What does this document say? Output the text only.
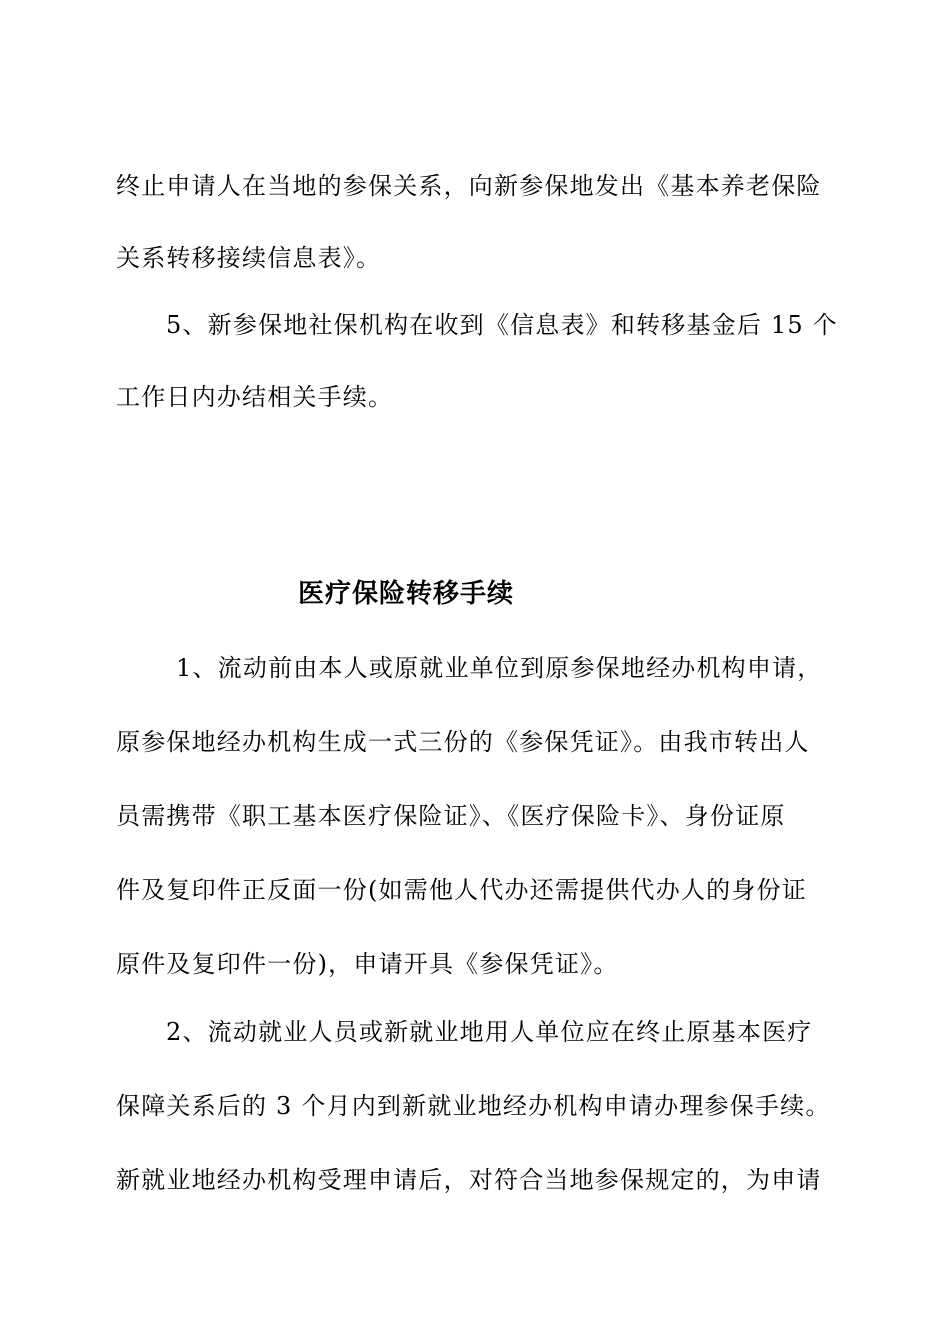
终止申请人在当地的参保关系，向新参保地发出《基本养老保险
关系转移接续信息表》。
5、新参保地社保机构在收到《信息表》和转移基金后 15 个
工作日内办结相关手续。
医疗保险转移手续
1、流动前由本人或原就业单位到原参保地经办机构申请，
原参保地经办机构生成一式三份的《参保凭证》。由我市转出人
员需携带《职工基本医疗保险证》、《医疗保险卡》、身份证原
件及复印件正反面一份(如需他人代办还需提供代办人的身份证
原件及复印件一份)，申请开具《参保凭证》。
2、流动就业人员或新就业地用人单位应在终止原基本医疗
保障关系后的 3 个月内到新就业地经办机构申请办理参保手续。
新就业地经办机构受理申请后，对符合当地参保规定的，为申请
